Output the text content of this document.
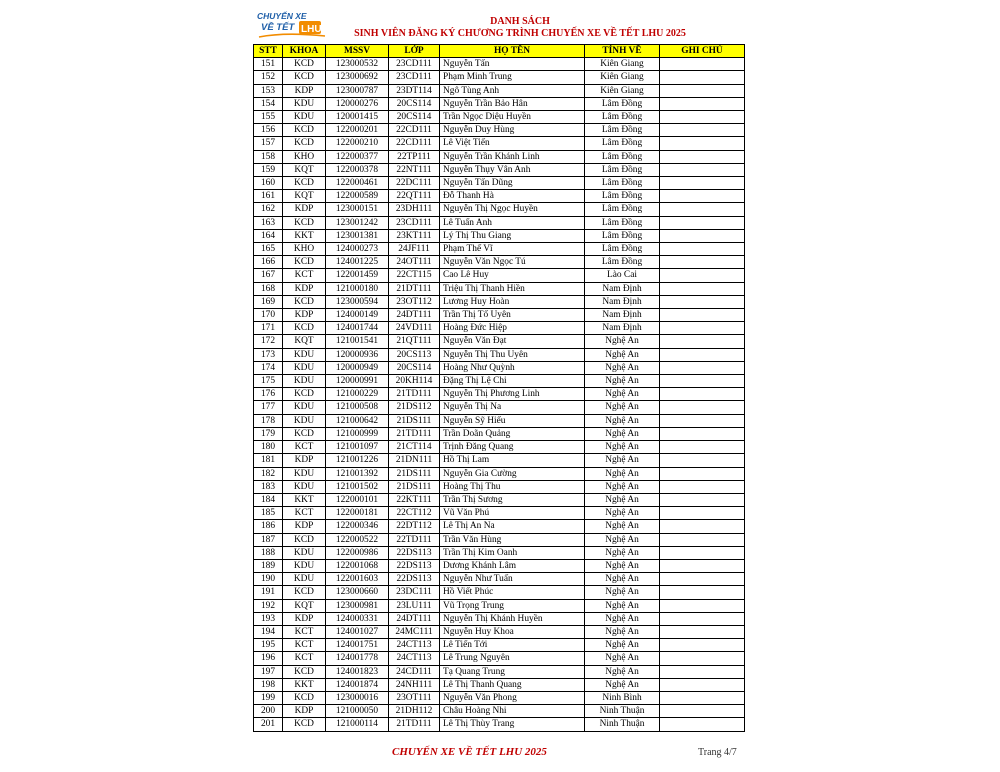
CHUYẾN XE
VỀ TẾT LHU
DANH SÁCH
SINH VIÊN ĐĂNG KÝ CHƯƠNG TRÌNH CHUYẾN XE VỀ TẾT LHU 2025
STT	KHOA	MSSV	LỚP	HỌ TÊN	TỈNH VỀ	GHI CHÚ
151	KCD	123000532	23CD111	Nguyễn Tấn	Kiên Giang	
152	KCD	123000692	23CD111	Phạm Minh Trung	Kiên Giang	
153	KDP	123000787	23DT114	Ngô Tùng Anh	Kiên Giang	
154	KDU	120000276	20CS114	Nguyễn Trần Bảo Hân	Lâm Đồng	
155	KDU	120001415	20CS114	Trần Ngọc Diệu Huyền	Lâm Đồng	
156	KCD	122000201	22CD111	Nguyễn Duy Hùng	Lâm Đồng	
157	KCD	122000210	22CD111	Lê Việt Tiến	Lâm Đồng	
158	KHO	122000377	22TP111	Nguyễn Trần Khánh Linh	Lâm Đồng	
159	KQT	122000378	22NT111	Nguyễn Thụy Vân Anh	Lâm Đồng	
160	KCD	122000461	22DC111	Nguyễn Tấn Dũng	Lâm Đồng	
161	KQT	122000589	22QT111	Đỗ Thanh Hà	Lâm Đồng	
162	KDP	123000151	23DH111	Nguyễn Thị Ngọc Huyền	Lâm Đồng	
163	KCD	123001242	23CD111	Lê Tuấn Anh	Lâm Đồng	
164	KKT	123001381	23KT111	Lý Thị Thu Giang	Lâm Đồng	
165	KHO	124000273	24JF111	Phạm Thế Vĩ	Lâm Đồng	
166	KCD	124001225	24OT111	Nguyễn Văn Ngọc Tú	Lâm Đồng	
167	KCT	122001459	22CT115	Cao Lê Huy	Lào Cai	
168	KDP	121000180	21DT111	Triệu Thị Thanh Hiền	Nam Định	
169	KCD	123000594	23OT112	Lương Huy Hoàn	Nam Định	
170	KDP	124000149	24DT111	Trần Thị Tố Uyên	Nam Định	
171	KCD	124001744	24VD111	Hoàng Đức Hiệp	Nam Định	
172	KQT	121001541	21QT111	Nguyễn Văn Đạt	Nghệ An	
173	KDU	120000936	20CS113	Nguyễn Thị Thu Uyên	Nghệ An	
174	KDU	120000949	20CS114	Hoàng Như Quỳnh	Nghệ An	
175	KDU	120000991	20KH114	Đặng Thị Lệ Chi	Nghệ An	
176	KCD	121000229	21TD111	Nguyễn Thị Phương Linh	Nghệ An	
177	KDU	121000508	21DS112	Nguyễn Thị Na	Nghệ An	
178	KDU	121000642	21DS111	Nguyễn Sỹ Hiếu	Nghệ An	
179	KCD	121000999	21TD111	Trần Doãn Quảng	Nghệ An	
180	KCT	121001097	21CT114	Trịnh Đăng Quang	Nghệ An	
181	KDP	121001226	21DN111	Hồ Thị Lam	Nghệ An	
182	KDU	121001392	21DS111	Nguyễn Gia Cường	Nghệ An	
183	KDU	121001502	21DS111	Hoàng Thị Thu	Nghệ An	
184	KKT	122000101	22KT111	Trần Thị Sương	Nghệ An	
185	KCT	122000181	22CT112	Vũ Văn Phú	Nghệ An	
186	KDP	122000346	22DT112	Lê Thị An Na	Nghệ An	
187	KCD	122000522	22TD111	Trần Văn Hùng	Nghệ An	
188	KDU	122000986	22DS113	Trần Thị Kim Oanh	Nghệ An	
189	KDU	122001068	22DS113	Dương Khánh Lâm	Nghệ An	
190	KDU	122001603	22DS113	Nguyễn Như Tuấn	Nghệ An	
191	KCD	123000660	23DC111	Hồ Viết Phúc	Nghệ An	
192	KQT	123000981	23LU111	Vũ Trọng Trung	Nghệ An	
193	KDP	124000331	24DT111	Nguyễn Thị Khánh Huyền	Nghệ An	
194	KCT	124001027	24MC111	Nguyễn Huy Khoa	Nghệ An	
195	KCT	124001751	24CT113	Lê Tiến Tới	Nghệ An	
196	KCT	124001778	24CT113	Lê Trung Nguyên	Nghệ An	
197	KCD	124001823	24CD111	Tạ Quang Trung	Nghệ An	
198	KKT	124001874	24NH111	Lê Thị Thanh Quang	Nghệ An	
199	KCD	123000016	23OT111	Nguyễn Văn Phong	Ninh Bình	
200	KDP	121000050	21DH112	Châu Hoàng Nhi	Ninh Thuận	
201	KCD	121000114	21TD111	Lê Thị Thùy Trang	Ninh Thuận	
CHUYẾN XE VỀ TẾT LHU 2025	Trang 4/7
